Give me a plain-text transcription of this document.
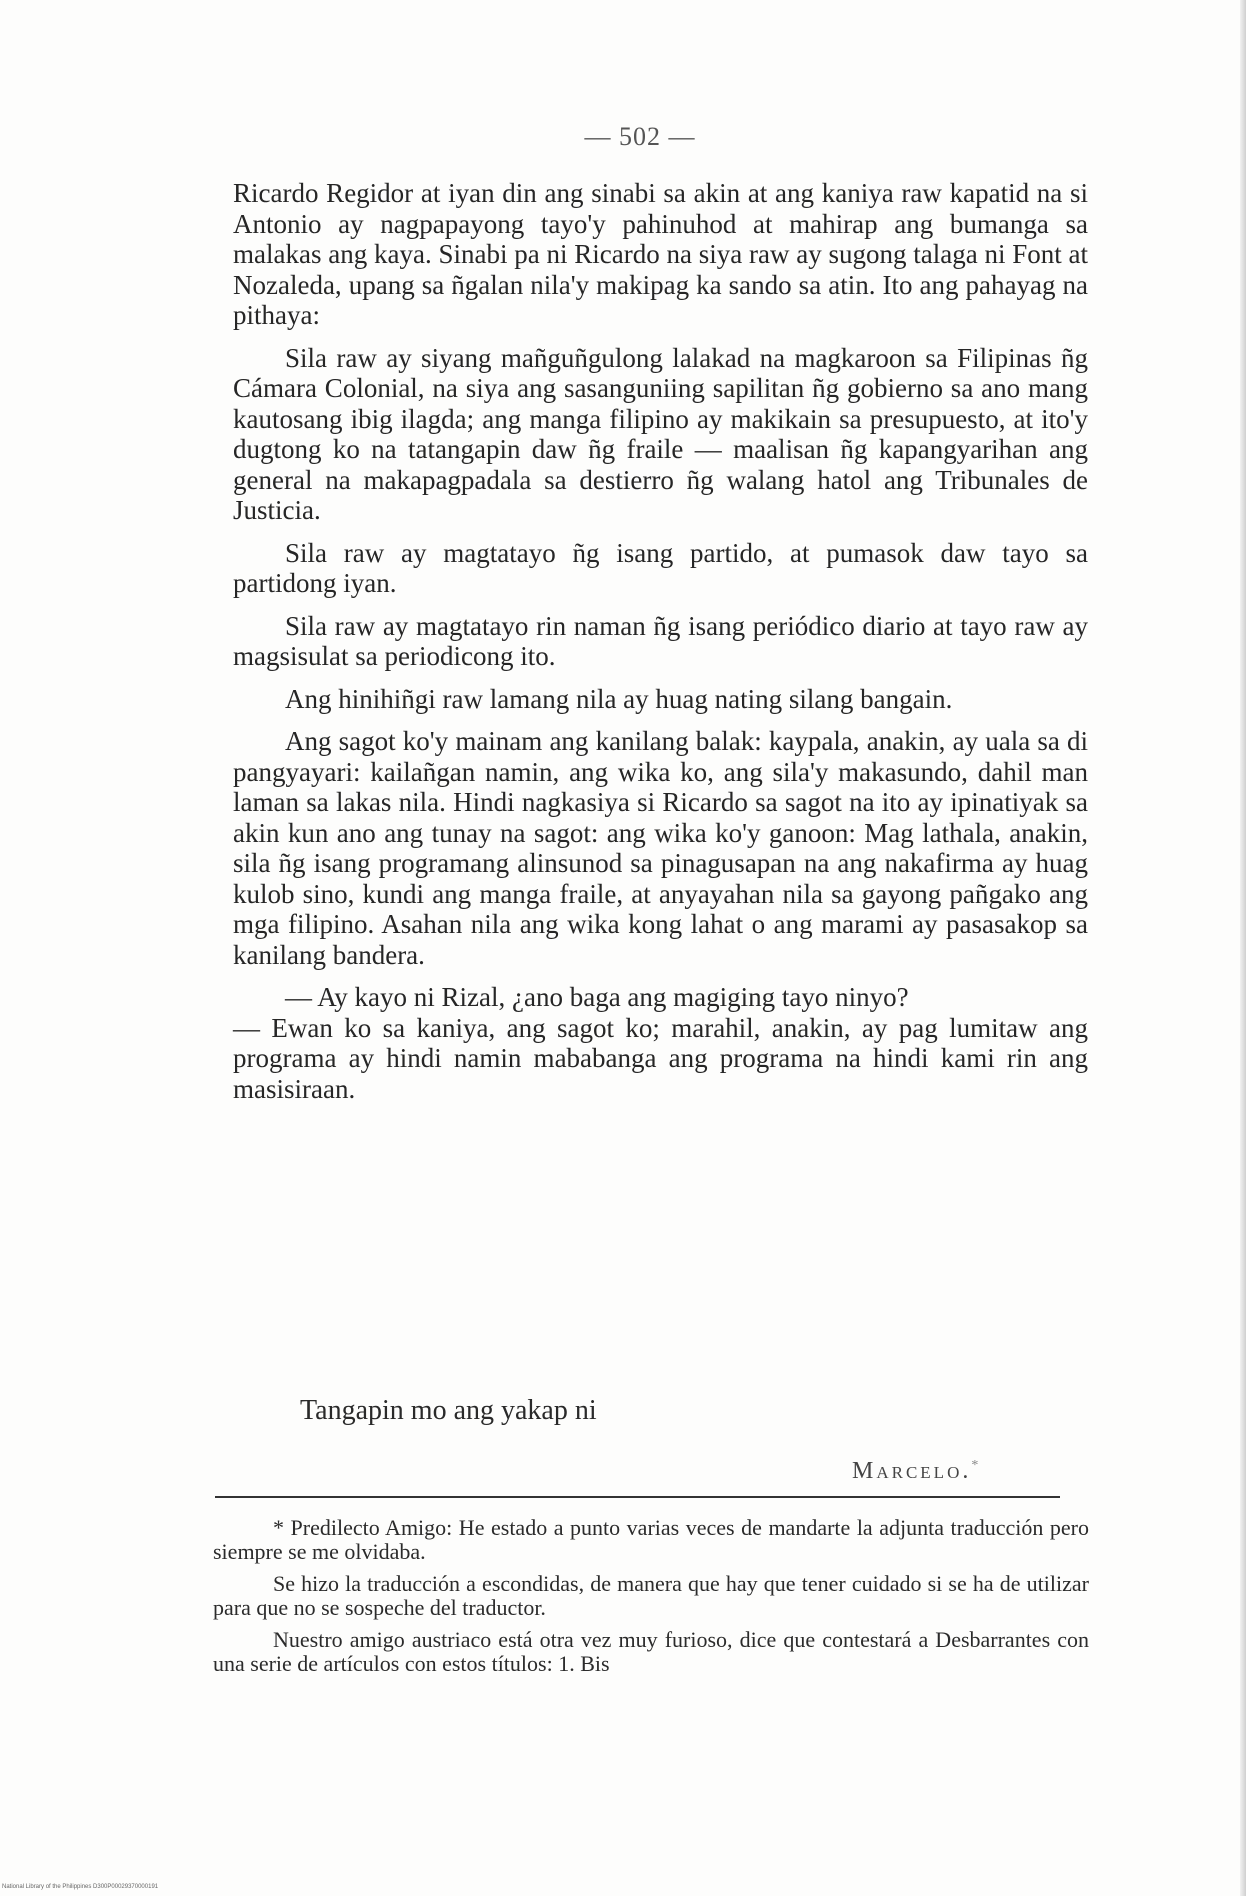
— 502 —

Ricardo Regidor at iyan din ang sinabi sa akin at ang kaniya raw kapatid na si Antonio ay nagpapayong tayo'y pahinuhod at mahirap ang bumanga sa malakas ang kaya. Sinabi pa ni Ricardo na siya raw ay sugong talaga ni Font at Nozaleda, upang sa ñgalan nila'y makipag ka sando sa atin. Ito ang pahayag na pithaya:

Sila raw ay siyang mañguñgulong lalakad na magkaroon sa Filipinas ñg Cámara Colonial, na siya ang sasanguniing sapilitan ñg gobierno sa ano mang kautosang ibig ilagda; ang manga filipino ay makikain sa presupuesto, at ito'y dugtong ko na tatangapin daw ñg fraile — maalisan ñg kapangyarihan ang general na makapagpadala sa destierro ñg walang hatol ang Tribunales de Justicia.

Sila raw ay magtatayo ñg isang partido, at pumasok daw tayo sa partidong iyan.

Sila raw ay magtatayo rin naman ñg isang periódico diario at tayo raw ay magsisulat sa periodicong ito.

Ang hinihiñgi raw lamang nila ay huag nating silang bangain.

Ang sagot ko'y mainam ang kanilang balak: kaypala, anakin, ay uala sa di pangyayari: kailañgan namin, ang wika ko, ang sila'y makasundo, dahil man laman sa lakas nila. Hindi nagkasiya si Ricardo sa sagot na ito ay ipinatiyak sa akin kun ano ang tunay na sagot: ang wika ko'y ganoon: Mag lathala, anakin, sila ñg isang programang alinsunod sa pinagusapan na ang nakafirma ay huag kulob sino, kundi ang manga fraile, at anyayahan nila sa gayong pañgako ang mga filipino. Asahan nila ang wika kong lahat o ang marami ay pasasakop sa kanilang bandera.

— Ay kayo ni Rizal, ¿ano baga ang magiging tayo ninyo?

— Ewan ko sa kaniya, ang sagot ko; marahil, anakin, ay pag lumitaw ang programa ay hindi namin mababanga ang programa na hindi kami rin ang masisiraan.

Tangapin mo ang yakap ni
Marcelo.*

* Predilecto Amigo: He estado a punto varias veces de mandarte la adjunta traducción pero siempre se me olvidaba.

Se hizo la traducción a escondidas, de manera que hay que tener cuidado si se ha de utilizar para que no se sospeche del traductor.

Nuestro amigo austriaco está otra vez muy furioso, dice que contestará a Desbarrantes con una serie de artículos con estos títulos: 1. Bis

National Library of the Philippines D300P00029370000191
